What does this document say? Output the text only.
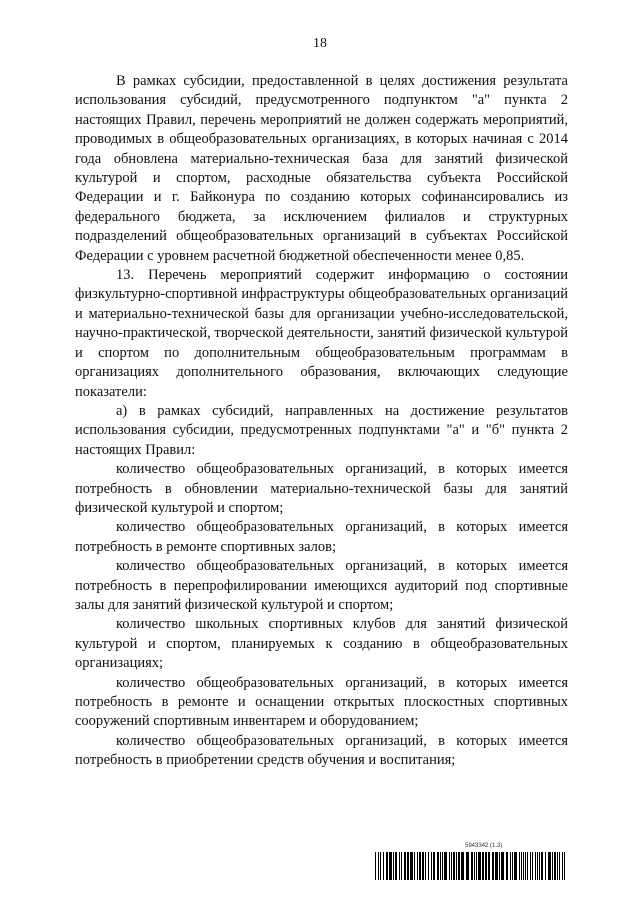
18

В рамках субсидии, предоставленной в целях достижения результата использования субсидий, предусмотренного подпунктом "а" пункта 2 настоящих Правил, перечень мероприятий не должен содержать мероприятий, проводимых в общеобразовательных организациях, в которых начиная с 2014 года обновлена материально-техническая база для занятий физической культурой и спортом, расходные обязательства субъекта Российской Федерации и г. Байконура по созданию которых софинансировались из федерального бюджета, за исключением филиалов и структурных подразделений общеобразовательных организаций в субъектах Российской Федерации с уровнем расчетной бюджетной обеспеченности менее 0,85.

13. Перечень мероприятий содержит информацию о состоянии физкультурно-спортивной инфраструктуры общеобразовательных организаций и материально-технической базы для организации учебно-исследовательской, научно-практической, творческой деятельности, занятий физической культурой и спортом по дополнительным общеобразовательным программам в организациях дополнительного образования, включающих следующие показатели:

а) в рамках субсидий, направленных на достижение результатов использования субсидии, предусмотренных подпунктами "а" и "б" пункта 2 настоящих Правил:

количество общеобразовательных организаций, в которых имеется потребность в обновлении материально-технической базы для занятий физической культурой и спортом;

количество общеобразовательных организаций, в которых имеется потребность в ремонте спортивных залов;

количество общеобразовательных организаций, в которых имеется потребность в перепрофилировании имеющихся аудиторий под спортивные залы для занятий физической культурой и спортом;

количество школьных спортивных клубов для занятий физической культурой и спортом, планируемых к созданию в общеобразовательных организациях;

количество общеобразовательных организаций, в которых имеется потребность в ремонте и оснащении открытых плоскостных спортивных сооружений спортивным инвентарем и оборудованием;

количество общеобразовательных организаций, в которых имеется потребность в приобретении средств обучения и воспитания;

5943342 (1.3)
